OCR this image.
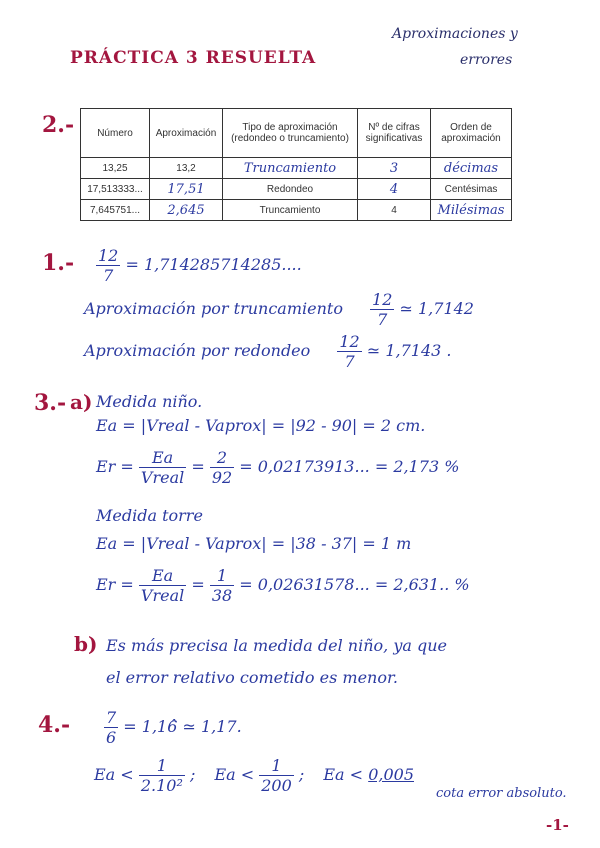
PRÁCTICA 3 RESUELTA
Aproximaciones y
errores
2.- Número	Aproximación	Tipo de aproximación (redondeo o truncamiento)	Nº de cifras significativas	Orden de aproximación
13,25	13,2	Truncamiento	3	décimas
17,513333...	17,51	Redondeo	4	Centésimas
7,645751...	2,645	Truncamiento	4	Milésimas
$1.- \frac{12}{7} = 1,714285714285$....
Aproximación por truncamiento $\frac{12}{7}$ ≃ 1,7142
Aproximación por redondeo $\frac{12}{7}$ ≃ 1,7143 .
3.- a) Medida niño.
Ea = |Vreal - Vaprox| = |92 - 90| = 2 cm.
$Er = \frac{Ea}{\text{Vreal}} = \frac{2}{92} = 0,02173913$... = 2,173 %
Medida torre
Ea = |Vreal - Vaprox| = |38 - 37| = 1 m
$Er = \frac{Ea}{\text{Vreal}} = \frac{1}{38} = 0,02631578$... = 2,631.. %
b) Es más precisa la medida del niño, ya que
el error relativo cometido es menor.
$4.- \frac{7}{6}$ = 1,16̂ ≃ 1,17.
$Ea < \frac{1}{\text{2.10²}}$ ; $Ea < \frac{1}{200}$ ; Ea < 0,005
cota error absoluto.
-1-
